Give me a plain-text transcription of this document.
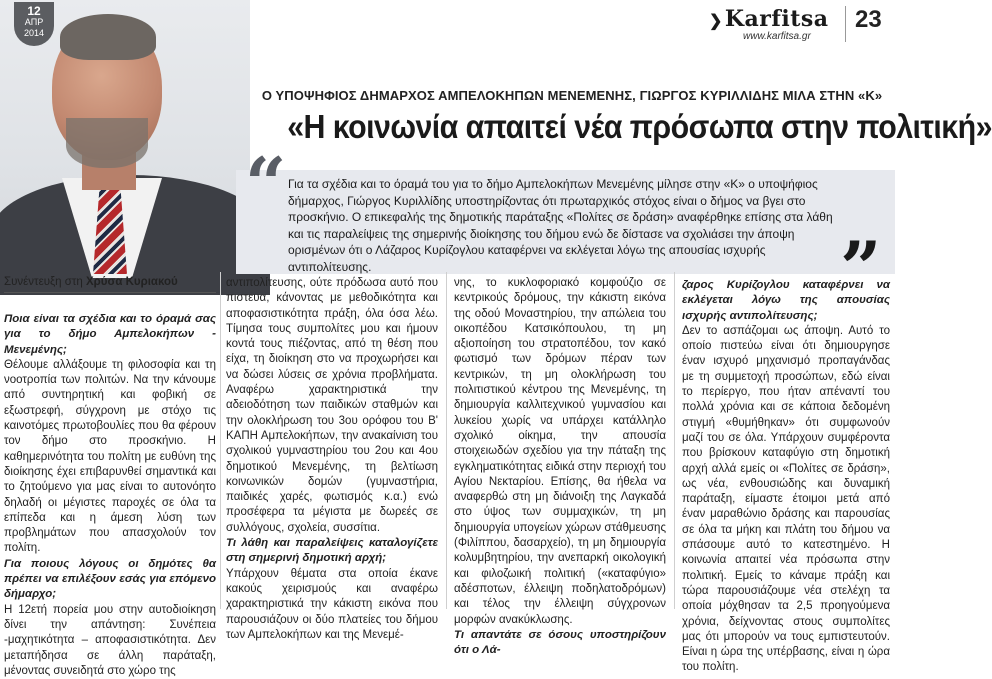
12
ΑΠΡ
2014
❯Karfitsa
www.karfitsa.gr
23
Ο ΥΠΟΨΗΦΙΟΣ ΔΗΜΑΡΧΟΣ ΑΜΠΕΛΟΚΗΠΩΝ ΜΕΝΕΜΕΝΗΣ, ΓΙΩΡΓΟΣ ΚΥΡΙΛΛΙΔΗΣ ΜΙΛΑ ΣΤΗΝ «Κ»
«Η κοινωνία απαιτεί νέα πρόσωπα στην πολιτική»

Για τα σχέδια και το όραμά του για το δήμο Αμπελοκήπων Μενεμένης μίλησε στην «Κ» ο υποψήφιος δήμαρχος, Γιώργος Κυριλλίδης υποστηρίζοντας ότι πρωταρχικός στόχος είναι ο δήμος να βγει στο προσκήνιο. Ο επικεφαλής της δημοτικής παράταξης «Πολίτες σε δράση» αναφέρθηκε επίσης στα λάθη και τις παραλείψεις της σημερινής διοίκησης του δήμου ενώ δε δίστασε να σχολιάσει την άποψη ορισμένων ότι ο Λάζαρος Κυρίζογλου καταφέρνει να εκλέγεται λόγω της απουσίας ισχυρής αντιπολίτευσης.

“
”
Συνέντευξη στη Χρύσα Κυριακού

Ποια είναι τα σχέδια και το όραμά σας για το δήμο Αμπελοκήπων - Μενεμένης;

Θέλουμε αλλάξουμε τη φιλοσοφία και τη νοοτροπία των πολιτών. Να την κάνουμε από συντηρητική και φοβική σε εξωστρεφή, σύγχρονη με στόχο τις καινοτόμες πρωτοβουλίες που θα φέρουν τον δήμο στο προσκήνιο. Η καθημερινότητα του πολίτη με ευθύνη της διοίκησης έχει επιβαρυνθεί σημαντικά και το ζητούμενο για μας είναι το αυτονόητο δηλαδή οι μέγιστες παροχές σε όλα τα επίπεδα και η άμεση λύση των προβλημάτων που απασχολούν τον πολίτη.

Για ποιους λόγους οι δημότες θα πρέπει να επιλέξουν εσάς για επόμενο δήμαρχο;

Η 12ετή πορεία μου στην αυτοδιοίκηση δίνει την απάντηση: Συνέπεια -μαχητικότητα – αποφασιστικότητα. Δεν μεταπήδησα σε άλλη παράταξη, μένοντας συνειδητά στο χώρο της

αντιπολίτευσης, ούτε πρόδωσα αυτό που πιστευα, κάνοντας με μεθοδικότητα και αποφασιστικότητα πράξη, όλα όσα λέω. Τίμησα τους συμπολίτες μου και ήμουν κοντά τους πιέζοντας, από τη θέση που είχα, τη διοίκηση στο να προχωρήσει και να δώσει λύσεις σε χρόνια προβλήματα. Αναφέρω χαρακτηριστικά την αδειοδότηση των παιδικών σταθμών και την ολοκλήρωση του 3ου ορόφου του Β' ΚΑΠΗ Αμπελοκήπων, την ανακαίνιση του σχολικού γυμναστηρίου του 2ου και 4ου δημοτικού Μενεμένης, τη βελτίωση κοινωνικών δομών (γυμναστήρια, παιδικές χαρές, φωτισμός κ.α.) ενώ προσέφερα τα μέγιστα με δωρεές σε συλλόγους, σχολεία, συσσίτια.

Τι λάθη και παραλείψεις καταλογίζετε στη σημερινή δημοτική αρχή;

Υπάρχουν θέματα στα οποία έκανε κακούς χειρισμούς και αναφέρω χαρακτηριστικά την κάκιστη εικόνα που παρουσιάζουν οι δύο πλατείες του δήμου των Αμπελοκήπων και της Μενεμέ-

νης, το κυκλοφοριακό κομφούζιο σε κεντρικούς δρόμους, την κάκιστη εικόνα της οδού Μοναστηρίου, την απώλεια του οικοπέδου Κατσικόπουλου, τη μη αξιοποίηση του στρατοπέδου, τον κακό φωτισμό των δρόμων πέραν των κεντρικών, τη μη ολοκλήρωση του πολιτιστικού κέντρου της Μενεμένης, τη δημιουργία καλλιτεχνικού γυμνασίου και λυκείου χωρίς να υπάρχει κατάλληλο σχολικό οίκημα, την απουσία στοιχειωδών σχεδίου για την πάταξη της εγκληματικότητας ειδικά στην περιοχή του Αγίου Νεκταρίου. Επίσης, θα ήθελα να αναφερθώ στη μη διάνοιξη της Λαγκαδά στο ύψος των συμμαχικών, τη μη δημιουργία υπογείων χώρων στάθμευσης (Φιλίππου, δασαρχείο), τη μη δημιουργία κολυμβητηρίου, την ανεπαρκή οικολογική και φιλοζωική πολιτική («καταφύγιο» αδέσποτων, έλλειψη ποδηλατοδρόμων) και τέλος την έλλειψη σύγχρονων μορφών ανακύκλωσης.

Τι απαντάτε σε όσους υποστηρίζουν ότι ο Λά-

ζαρος Κυρίζογλου καταφέρνει να εκλέγεται λόγω της απουσίας ισχυρής αντιπολίτευσης;

Δεν το ασπάζομαι ως άποψη. Αυτό το οποίο πιστεύω είναι ότι δημιουργησε έναν ισχυρό μηχανισμό προπαγάνδας με τη συμμετοχή προσώπων, εδώ είναι το περίεργο, που ήταν απέναντί του πολλά χρόνια και σε κάποια δεδομένη στιγμή «θυμήθηκαν» ότι συμφωνούν μαζί του σε όλα. Υπάρχουν συμφέροντα που βρίσκουν καταφύγιο στη δημοτική αρχή αλλά εμείς οι «Πολίτες σε δράση», ως νέα, ενθουσιώδης και δυναμική παράταξη, είμαστε έτοιμοι μετά από έναν μαραθώνιο δράσης και παρουσίας σε όλα τα μήκη και πλάτη του δήμου να σπάσουμε αυτό το κατεστημένο. Η κοινωνία απαιτεί νέα πρόσωπα στην πολιτική. Εμείς το κάναμε πράξη και τώρα παρουσιάζουμε νέα στελέχη τα οποία μόχθησαν τα 2,5 προηγούμενα χρόνια, δείχνοντας στους συμπολίτες μας ότι μπορούν να τους εμπιστευτούν. Είναι η ώρα της υπέρβασης, είναι η ώρα του πολίτη.
